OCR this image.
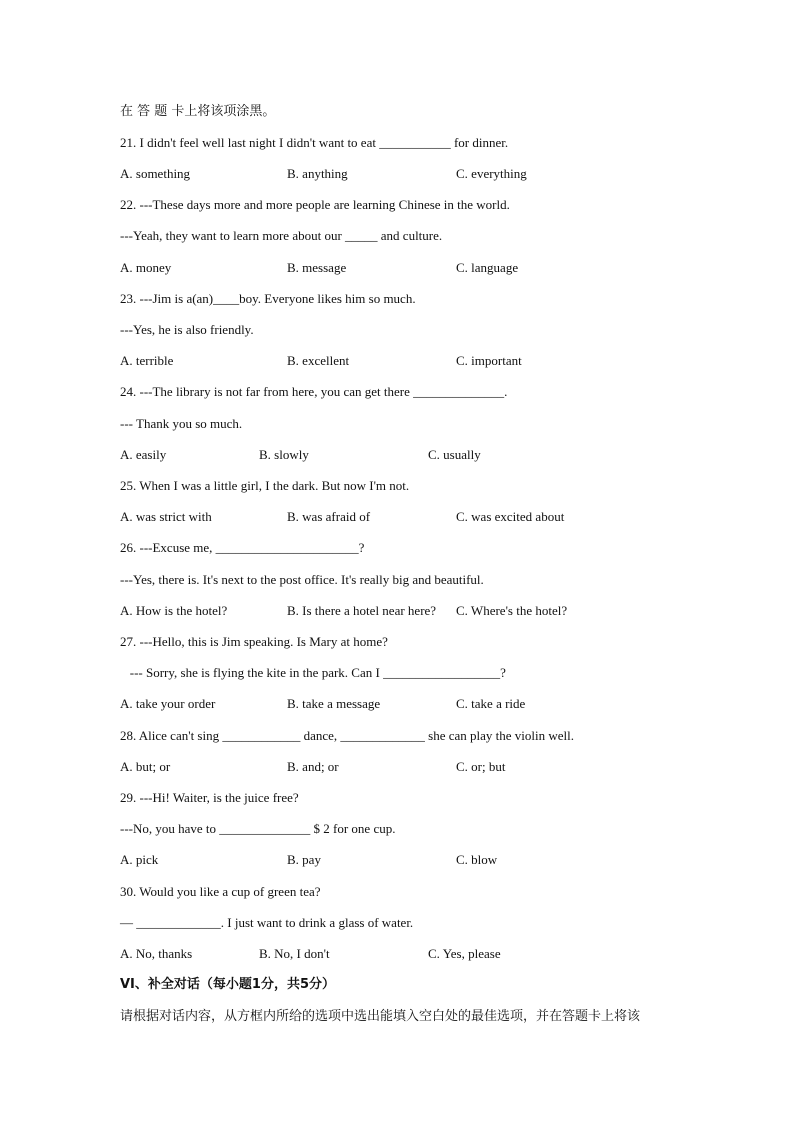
在 答 题 卡上将该项涂黑。
21. I didn't feel well last night I didn't want to eat ___________ for dinner.
A. something	B. anything	C. everything
22. ---These days more and more people are learning Chinese in the world.
---Yeah, they want to learn more about our _____ and culture.
A. money	B. message	C. language
23. ---Jim is a(an)____boy. Everyone likes him so much.
---Yes, he is also friendly.
A. terrible	B. excellent	C. important
24. ---The library is not far from here, you can get there ______________.
--- Thank you so much.
A. easily	B. slowly	C. usually
25. When I was a little girl, I the dark. But now I'm not.
A. was strict with	B. was afraid of	C. was excited about
26. ---Excuse me, ______________________?
---Yes, there is. It's next to the post office. It's really big and beautiful.
A. How is the hotel?	B. Is there a hotel near here? C. Where's the hotel?
27. ---Hello, this is Jim speaking. Is Mary at home?
--- Sorry, she is flying the kite in the park. Can I __________________?
A. take your order	B. take a message	C. take a ride
28. Alice can't sing ____________ dance, _____________ she can play the violin well.
A. but; or	B. and; or	C. or; but
29. ---Hi! Waiter, is the juice free?
---No, you have to ______________ $ 2 for one cup.
A. pick	B. pay	C. blow
30. Would you like a cup of green tea?
— _____________. I just want to drink a glass of water.
A. No, thanks	B. No, I don't	C. Yes, please
VI、补全对话（每小题1分，共5分）
请根据对话内容，从方框内所给的选项中选出能填入空白处的最佳选项，并在答题卡上将该
